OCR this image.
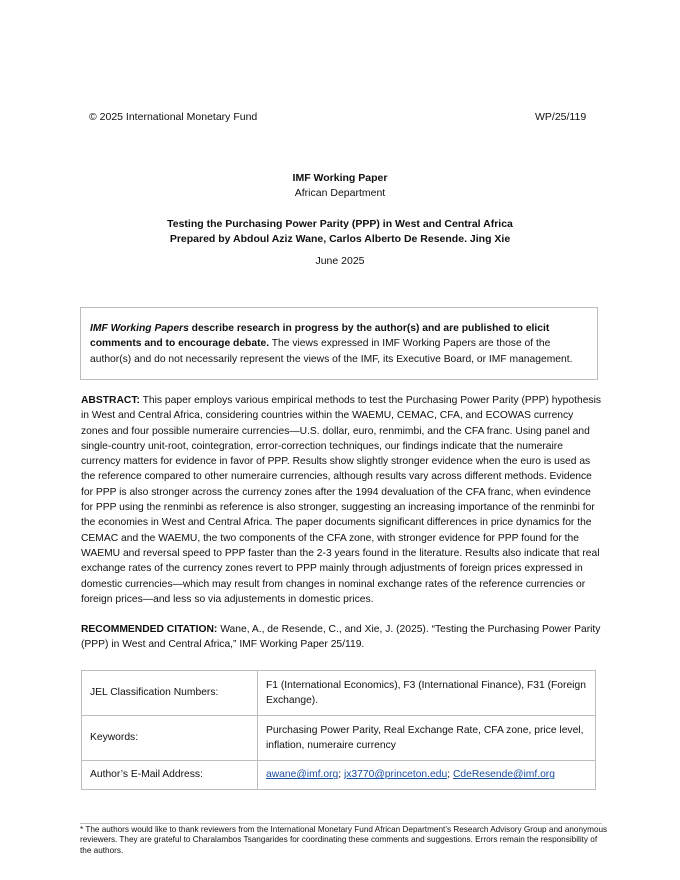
© 2025 International Monetary Fund	WP/25/119
IMF Working Paper
African Department
Testing the Purchasing Power Parity (PPP) in West and Central Africa
Prepared by Abdoul Aziz Wane, Carlos Alberto De Resende. Jing Xie
June 2025
IMF Working Papers describe research in progress by the author(s) and are published to elicit comments and to encourage debate. The views expressed in IMF Working Papers are those of the author(s) and do not necessarily represent the views of the IMF, its Executive Board, or IMF management.
ABSTRACT: This paper employs various empirical methods to test the Purchasing Power Parity (PPP) hypothesis in West and Central Africa, considering countries within the WAEMU, CEMAC, CFA, and ECOWAS currency zones and four possible numeraire currencies—U.S. dollar, euro, renmimbi, and the CFA franc. Using panel and single-country unit-root, cointegration, error-correction techniques, our findings indicate that the numeraire currency matters for evidence in favor of PPP. Results show slightly stronger evidence when the euro is used as the reference compared to other numeraire currencies, although results vary across different methods. Evidence for PPP is also stronger across the currency zones after the 1994 devaluation of the CFA franc, when evindence for PPP using the renminbi as reference is also stronger, suggesting an increasing importance of the renminbi for the economies in West and Central Africa. The paper documents significant differences in price dynamics for the CEMAC and the WAEMU, the two components of the CFA zone, with stronger evidence for PPP found for the WAEMU and reversal speed to PPP faster than the 2-3 years found in the literature. Results also indicate that real exchange rates of the currency zones revert to PPP mainly through adjustments of foreign prices expressed in domestic currencies—which may result from changes in nominal exchange rates of the reference currencies or foreign prices—and less so via adjustements in domestic prices.
RECOMMENDED CITATION: Wane, A., de Resende, C., and Xie, J. (2025). “Testing the Purchasing Power Parity (PPP) in West and Central Africa,” IMF Working Paper 25/119.
JEL Classification Numbers:	F1 (International Economics), F3 (International Finance), F31 (Foreign Exchange).
Keywords:	Purchasing Power Parity, Real Exchange Rate, CFA zone, price level, inflation, numeraire currency
Author’s E-Mail Address:	awane@imf.org; jx3770@princeton.edu; CdeResende@imf.org
* The authors would like to thank reviewers from the International Monetary Fund African Department’s Research Advisory Group and anonymous reviewers. They are grateful to Charalambos Tsangarides for coordinating these comments and suggestions. Errors remain the responsibility of the authors.
